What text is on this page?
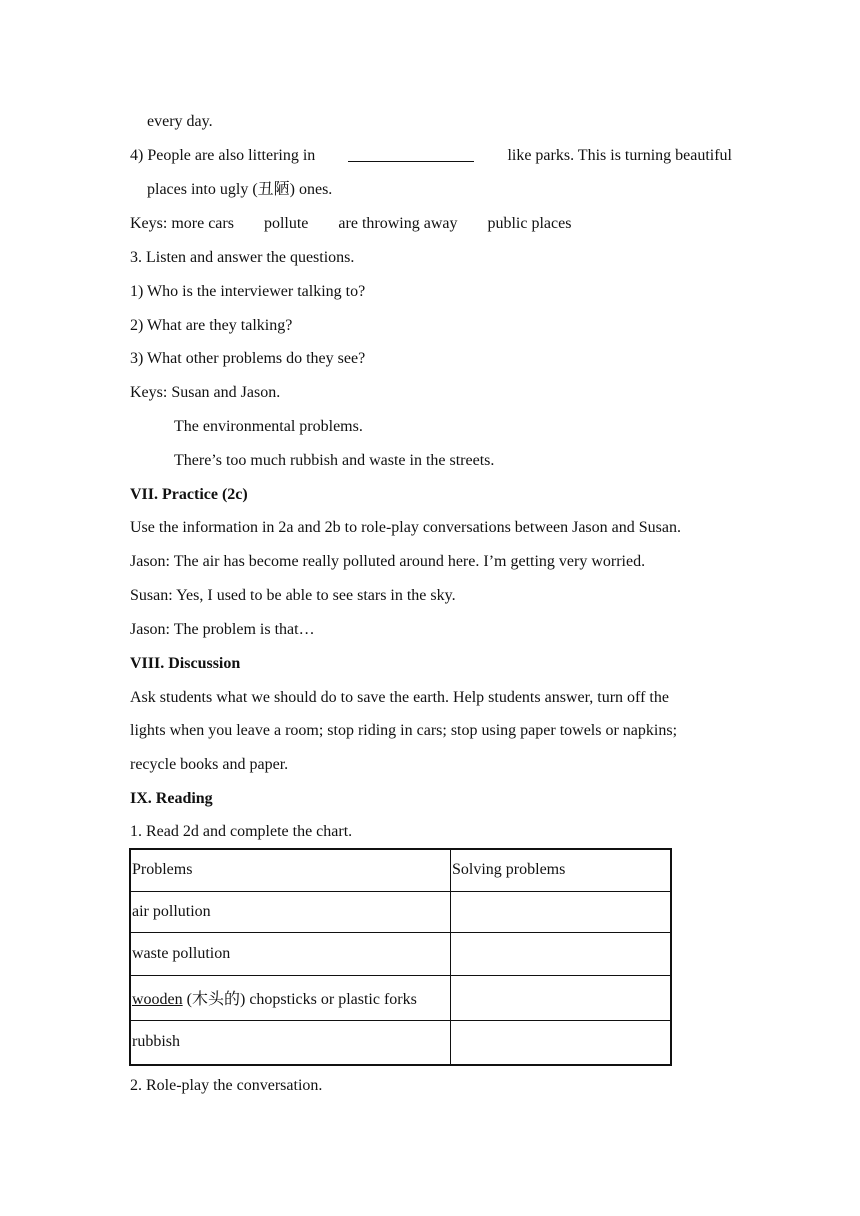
every day.
4) People are also littering in	like parks. This is turning beautiful
places into ugly (丑陋) ones.
Keys: more cars pollute are throwing away public places
3. Listen and answer the questions.
1) Who is the interviewer talking to?
2) What are they talking?
3) What other problems do they see?
Keys: Susan and Jason.
The environmental problems.
There’s too much rubbish and waste in the streets.
VII. Practice (2c)
Use the information in 2a and 2b to role-play conversations between Jason and Susan.
Jason: The air has become really polluted around here. I’m getting very worried.
Susan: Yes, I used to be able to see stars in the sky.
Jason: The problem is that…
VIII. Discussion
Ask students what we should do to save the earth. Help students answer, turn off the
lights when you leave a room; stop riding in cars; stop using paper towels or napkins;
recycle books and paper.
IX. Reading
1. Read 2d and complete the chart.
Problems	Solving problems
air pollution	
waste pollution	
wooden (木头的) chopsticks or plastic forks	
rubbish	
2. Role-play the conversation.
